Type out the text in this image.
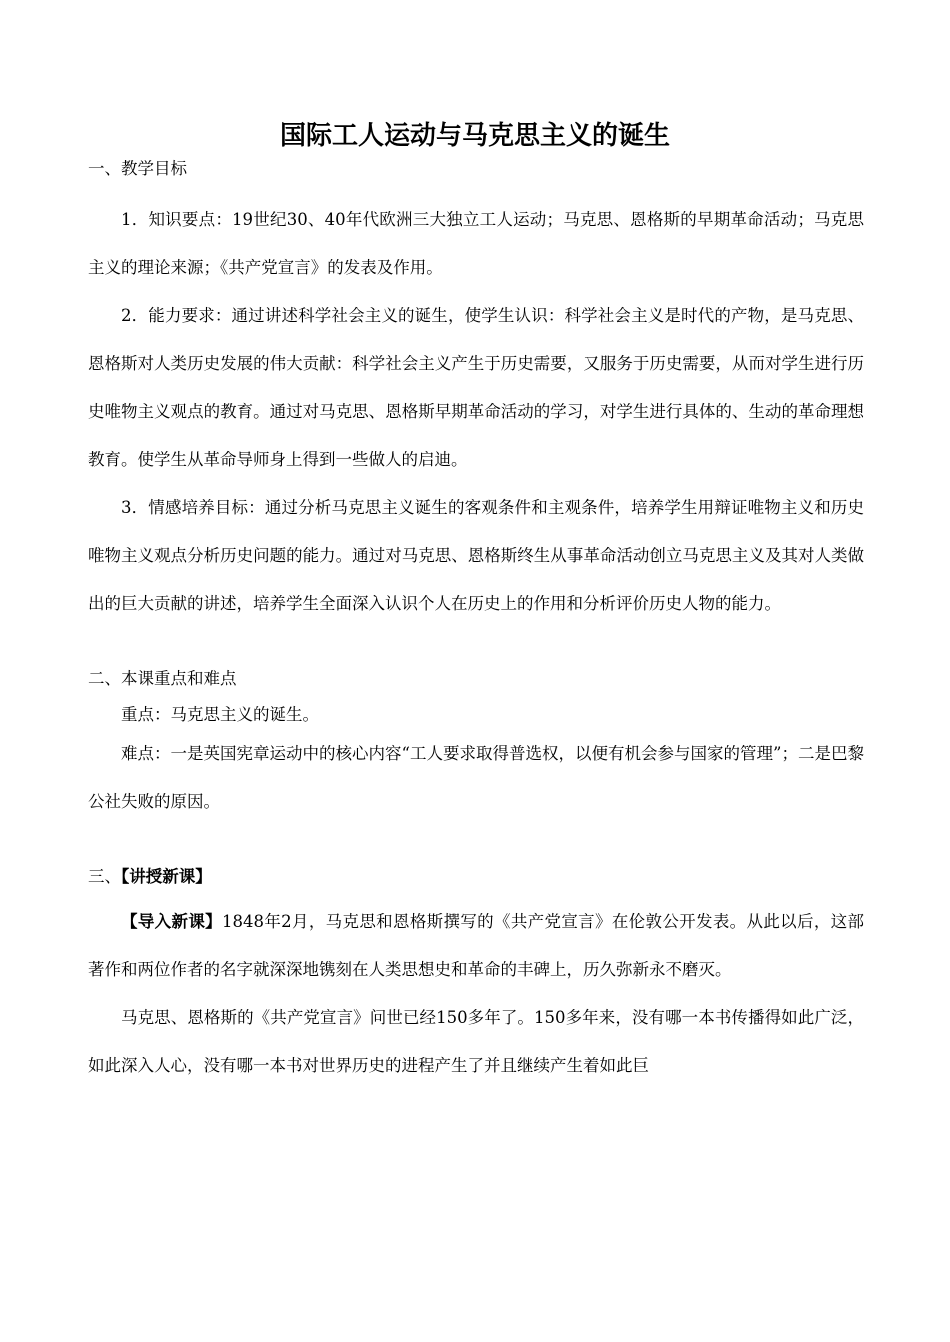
国际工人运动与马克思主义的诞生

一、教学目标

1．知识要点：19世纪30、40年代欧洲三大独立工人运动；马克思、恩格斯的早期革命活动；马克思主义的理论来源；《共产党宣言》的发表及作用。

2．能力要求：通过讲述科学社会主义的诞生，使学生认识：科学社会主义是时代的产物，是马克思、恩格斯对人类历史发展的伟大贡献：科学社会主义产生于历史需要，又服务于历史需要，从而对学生进行历史唯物主义观点的教育。通过对马克思、恩格斯早期革命活动的学习，对学生进行具体的、生动的革命理想教育。使学生从革命导师身上得到一些做人的启迪。

3．情感培养目标：通过分析马克思主义诞生的客观条件和主观条件，培养学生用辩证唯物主义和历史唯物主义观点分析历史问题的能力。通过对马克思、恩格斯终生从事革命活动创立马克思主义及其对人类做出的巨大贡献的讲述，培养学生全面深入认识个人在历史上的作用和分析评价历史人物的能力。

二、本课重点和难点

重点：马克思主义的诞生。

难点：一是英国宪章运动中的核心内容“工人要求取得普选权，以便有机会参与国家的管理”；二是巴黎公社失败的原因。

三、【讲授新课】

【导入新课】1848年2月，马克思和恩格斯撰写的《共产党宣言》在伦敦公开发表。从此以后，这部著作和两位作者的名字就深深地镌刻在人类思想史和革命的丰碑上，历久弥新永不磨灭。

马克思、恩格斯的《共产党宣言》问世已经150多年了。150多年来，没有哪一本书传播得如此广泛，如此深入人心，没有哪一本书对世界历史的进程产生了并且继续产生着如此巨
